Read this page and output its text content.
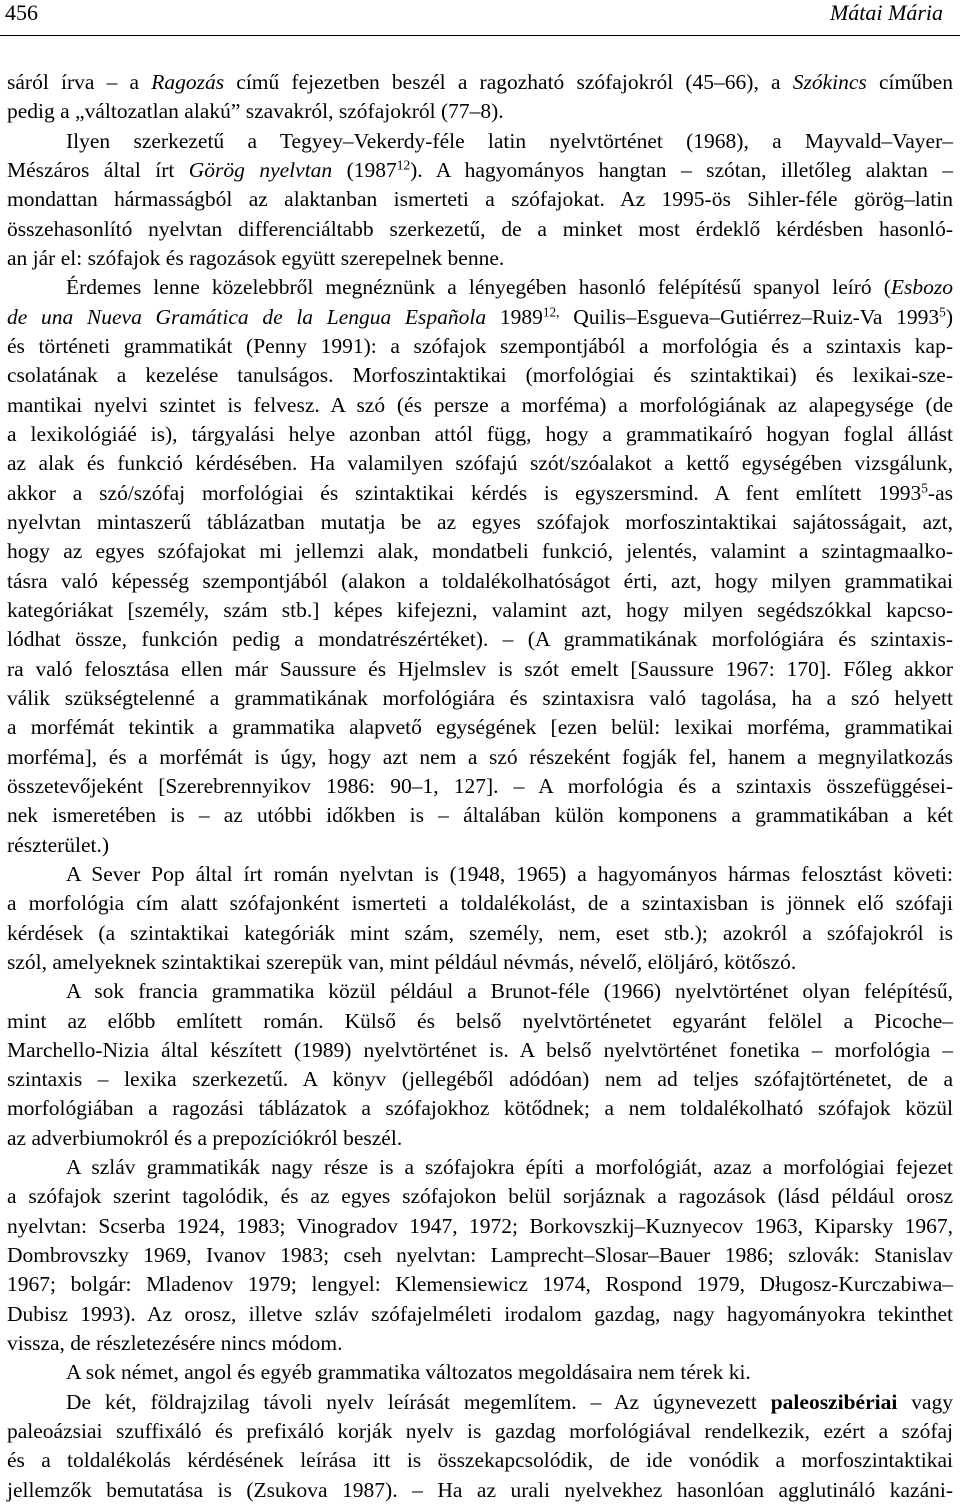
456	Mátai Mária
sáról írva – a Ragozás című fejezetben beszél a ragozható szófajokról (45–66), a Szókincs címűben
pedig a „változatlan alakú” szavakról, szófajokról (77–8).
Ilyen szerkezetű a Tegyey–Vekerdy-féle latin nyelvtörténet (1968), a Mayvald–Vayer–
Mészáros által írt Görög nyelvtan (1987$^{12}$). A hagyományos hangtan – szótan, illetőleg alaktan –
mondattan hármasságból az alaktanban ismerteti a szófajokat. Az 1995-ös Sihler-féle görög–latin
összehasonlító nyelvtan differenciáltabb szerkezetű, de a minket most érdeklő kérdésben hasonló-
an jár el: szófajok és ragozások együtt szerepelnek benne.
Érdemes lenne közelebbről megnéznünk a lényegében hasonló felépítésű spanyol leíró (Esbozo
de una Nueva Gramática de la Lengua Española $1989^{12,}$ Quilis–Esgueva–Gutiérrez–Ruiz-Va 1993$^5$)
és történeti grammatikát (Penny 1991): a szófajok szempontjából a morfológia és a szintaxis kap-
csolatának a kezelése tanulságos. Morfoszintaktikai (morfológiai és szintaktikai) és lexikai-sze-
mantikai nyelvi szintet is felvesz. A szó (és persze a morféma) a morfológiának az alapegysége (de
a lexikológiáé is), tárgyalási helye azonban attól függ, hogy a grammatikaíró hogyan foglal állást
az alak és funkció kérdésében. Ha valamilyen szófajú szót/szóalakot a kettő egységében vizsgálunk,
akkor a szó/szófaj morfológiai és szintaktikai kérdés is egyszersmind. A fent említett 1993$^5$-as
nyelvtan mintaszerű táblázatban mutatja be az egyes szófajok morfoszintaktikai sajátosságait, azt,
hogy az egyes szófajokat mi jellemzi alak, mondatbeli funkció, jelentés, valamint a szintagmaalko-
tásra való képesség szempontjából (alakon a toldalékolhatóságot érti, azt, hogy milyen grammatikai
kategóriákat [személy, szám stb.] képes kifejezni, valamint azt, hogy milyen segédszókkal kapcso-
lódhat össze, funkción pedig a mondatrészértéket). – (A grammatikának morfológiára és szintaxis-
ra való felosztása ellen már Saussure és Hjelmslev is szót emelt [Saussure 1967: 170]. Főleg akkor
válik szükségtelenné a grammatikának morfológiára és szintaxisra való tagolása, ha a szó helyett
a morfémát tekintik a grammatika alapvető egységének [ezen belül: lexikai morféma, grammatikai
morféma], és a morfémát is úgy, hogy azt nem a szó részeként fogják fel, hanem a megnyilatkozás
összetevőjeként [Szerebrennyikov 1986: 90–1, 127]. – A morfológia és a szintaxis összefüggései-
nek ismeretében is – az utóbbi időkben is – általában külön komponens a grammatikában a két
részterület.)
A Sever Pop által írt román nyelvtan is (1948, 1965) a hagyományos hármas felosztást követi:
a morfológia cím alatt szófajonként ismerteti a toldalékolást, de a szintaxisban is jönnek elő szófaji
kérdések (a szintaktikai kategóriák mint szám, személy, nem, eset stb.); azokról a szófajokról is
szól, amelyeknek szintaktikai szerepük van, mint például névmás, névelő, elöljáró, kötőszó.
A sok francia grammatika közül például a Brunot-féle (1966) nyelvtörténet olyan felépítésű,
mint az előbb említett román. Külső és belső nyelvtörténetet egyaránt felölel a Picoche–
Marchello-Nizia által készített (1989) nyelvtörténet is. A belső nyelvtörténet fonetika – morfológia –
szintaxis – lexika szerkezetű. A könyv (jellegéből adódóan) nem ad teljes szófajtörténetet, de a
morfológiában a ragozási táblázatok a szófajokhoz kötődnek; a nem toldalékolható szófajok közül
az adverbiumokról és a prepozíciókról beszél.
A szláv grammatikák nagy része is a szófajokra építi a morfológiát, azaz a morfológiai fejezet
a szófajok szerint tagolódik, és az egyes szófajokon belül sorjáznak a ragozások (lásd például orosz
nyelvtan: Scserba 1924, 1983; Vinogradov 1947, 1972; Borkovszkij–Kuznyecov 1963, Kiparsky 1967,
Dombrovszky 1969, Ivanov 1983; cseh nyelvtan: Lamprecht–Slosar–Bauer 1986; szlovák: Stanislav
1967; bolgár: Mladenov 1979; lengyel: Klemensiewicz 1974, Rospond 1979, Długosz-Kurczabiwa–
Dubisz 1993). Az orosz, illetve szláv szófajelméleti irodalom gazdag, nagy hagyományokra tekinthet
vissza, de részletezésére nincs módom.
A sok német, angol és egyéb grammatika változatos megoldásaira nem térek ki.
De két, földrajzilag távoli nyelv leírását megemlítem. – Az úgynevezett paleoszibériai vagy
paleoázsiai szuffixáló és prefixáló korják nyelv is gazdag morfológiával rendelkezik, ezért a szófaj
és a toldalékolás kérdésének leírása itt is összekapcsolódik, de ide vonódik a morfoszintaktikai
jellemzők bemutatása is (Zsukova 1987). – Ha az urali nyelvekhez hasonlóan agglutináló kazáni-
